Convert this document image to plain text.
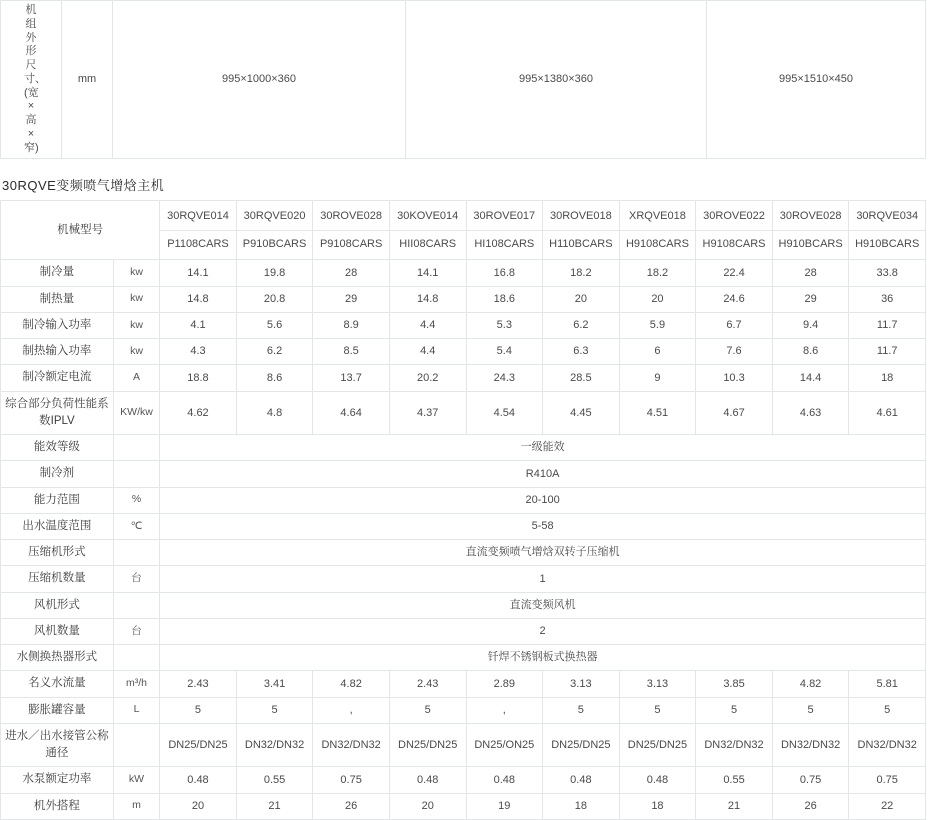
机组外形尺寸、(宽×高×窄)
	mm	995×1000×360	995×1380×360	995×1510×450
30RQVE变频喷气增焓主机
机械型号		30RQVE014	30RQVE020	30ROVE028	30KOVE014	30ROVE017	30ROVE018	XRQVE018	30ROVE022	30ROVE028	30RQVE034
		P1108CARS	P910BCARS	P9108CARS	HII08CARS	HI108CARS	H110BCARS	H9108CARS	H9108CARS	H910BCARS	H910BCARS
制冷量	kw	14.1	19.8	28	14.1	16.8	18.2	18.2	22.4	28	33.8
制热量	kw	14.8	20.8	29	14.8	18.6	20	20	24.6	29	36
制冷输入功率	kw	4.1	5.6	8.9	4.4	5.3	6.2	5.9	6.7	9.4	11.7
制热输入功率	kw	4.3	6.2	8.5	4.4	5.4	6.3	6	7.6	8.6	11.7
制冷额定电流	A	18.8	8.6	13.7	20.2	24.3	28.5	9	10.3	14.4	18
综合部分负荷性能系数IPLV	KW/kw	4.62	4.8	4.64	4.37	4.54	4.45	4.51	4.67	4.63	4.61
能效等级		一级能效									
制冷剂		R410A									
能力范围	%	20-100									
出水温度范围	℃	5-58									
压缩机形式		直流变频喷气增焓双转子压缩机									
压缩机数量	台	1									
风机形式		直流变频风机									
风机数量	台	2									
水侧换热器形式		钎焊不锈钢板式换热器									
名义水流量	m³/h	2.43	3.41	4.82	2.43	2.89	3.13	3.13	3.85	4.82	5.81
膨胀罐容量	L	5	5	,	5	,	5	5	5	5	5
进水／出水接管公称通径		DN25/DN25	DN32/DN32	DN32/DN32	DN25/DN25	DN25/ON25	DN25/DN25	DN25/DN25	DN32/DN32	DN32/DN32	DN32/DN32
水泵额定功率	kW	0.48	0.55	0.75	0.48	0.48	0.48	0.48	0.55	0.75	0.75
机外搭程	m	20	21	26	20	19	18	18	21	26	22
